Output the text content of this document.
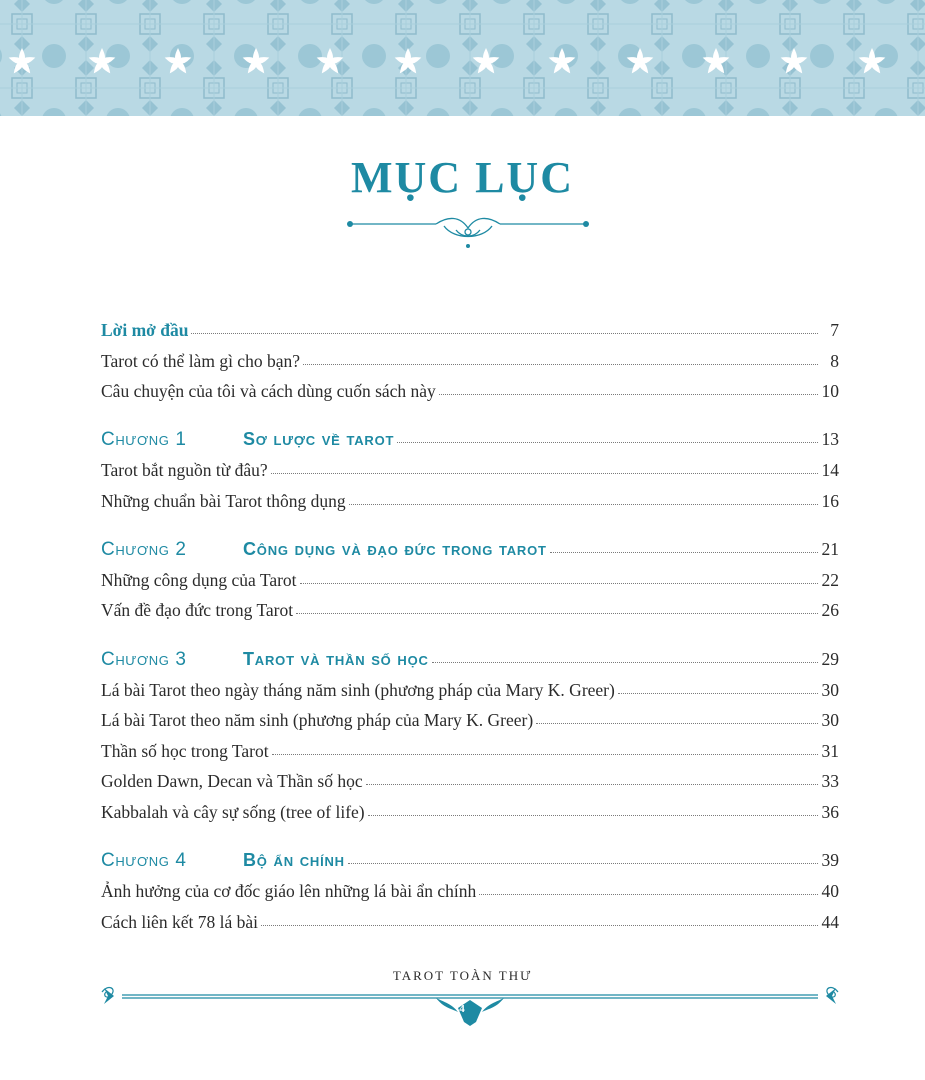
MỤC LỤC
Lời mở đầu	7
Tarot có thể làm gì cho bạn?	8
Câu chuyện của tôi và cách dùng cuốn sách này	10
Chương 1	Sơ lược về tarot	13
Tarot bắt nguồn từ đâu?	14
Những chuẩn bài Tarot thông dụng	16
Chương 2	Công dụng và đạo đức trong tarot	21
Những công dụng của Tarot	22
Vấn đề đạo đức trong Tarot	26
Chương 3	Tarot và thần số học	29
Lá bài Tarot theo ngày tháng năm sinh (phương pháp của Mary K. Greer)	30
Lá bài Tarot theo năm sinh (phương pháp của Mary K. Greer)	30
Thần số học trong Tarot	31
Golden Dawn, Decan và Thần số học	33
Kabbalah và cây sự sống (tree of life)	36
Chương 4	Bộ ẩn chính	39
Ảnh hưởng của cơ đốc giáo lên những lá bài ẩn chính	40
Cách liên kết 78 lá bài	44
TAROT TOÀN THƯ
4
